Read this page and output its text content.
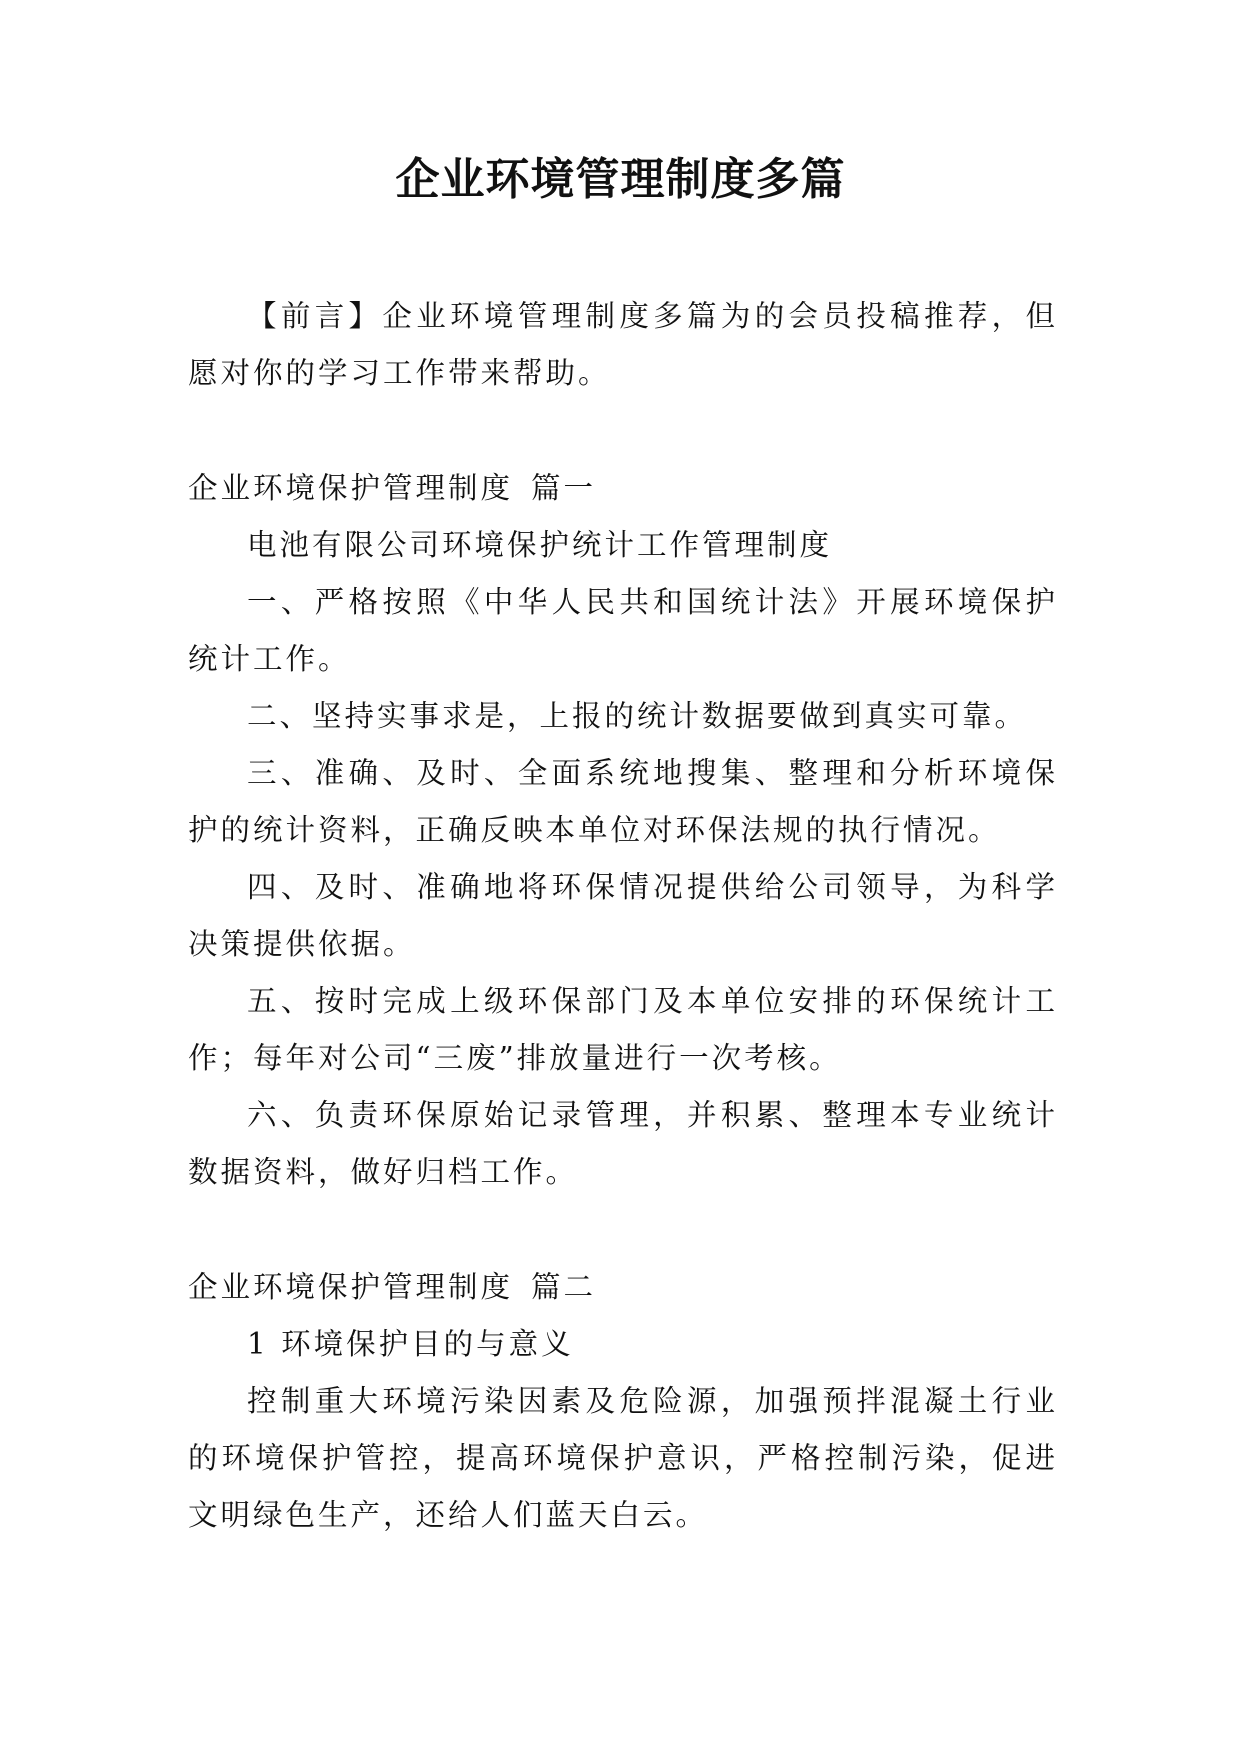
企业环境管理制度多篇

【前言】企业环境管理制度多篇为的会员投稿推荐，但愿对你的学习工作带来帮助。

企业环境保护管理制度 篇一

电池有限公司环境保护统计工作管理制度

一、严格按照《中华人民共和国统计法》开展环境保护统计工作。

二、坚持实事求是，上报的统计数据要做到真实可靠。

三、准确、及时、全面系统地搜集、整理和分析环境保护的统计资料，正确反映本单位对环保法规的执行情况。

四、及时、准确地将环保情况提供给公司领导，为科学决策提供依据。

五、按时完成上级环保部门及本单位安排的环保统计工作；每年对公司“三废”排放量进行一次考核。

六、负责环保原始记录管理，并积累、整理本专业统计数据资料，做好归档工作。

企业环境保护管理制度 篇二

1 环境保护目的与意义

控制重大环境污染因素及危险源，加强预拌混凝土行业的环境保护管控，提高环境保护意识，严格控制污染，促进文明绿色生产，还给人们蓝天白云。
